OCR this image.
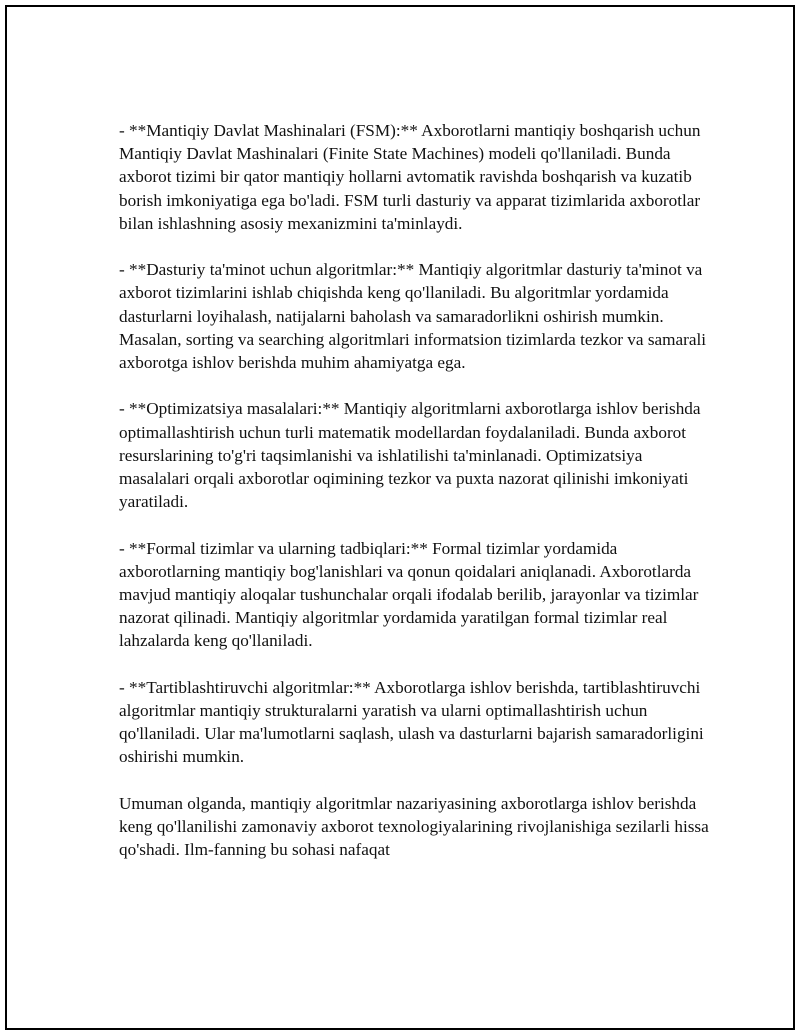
- **Mantiqiy Davlat Mashinalari (FSM):** Axborotlarni mantiqiy boshqarish uchun Mantiqiy Davlat Mashinalari (Finite State Machines) modeli qo'llaniladi. Bunda axborot tizimi bir qator mantiqiy hollarni avtomatik ravishda boshqarish va kuzatib borish imkoniyatiga ega bo'ladi. FSM turli dasturiy va apparat tizimlarida axborotlar bilan ishlashning asosiy mexanizmini ta'minlaydi.

- **Dasturiy ta'minot uchun algoritmlar:** Mantiqiy algoritmlar dasturiy ta'minot va axborot tizimlarini ishlab chiqishda keng qo'llaniladi. Bu algoritmlar yordamida dasturlarni loyihalash, natijalarni baholash va samaradorlikni oshirish mumkin. Masalan, sorting va searching algoritmlari informatsion tizimlarda tezkor va samarali axborotga ishlov berishda muhim ahamiyatga ega.

- **Optimizatsiya masalalari:** Mantiqiy algoritmlarni axborotlarga ishlov berishda optimallashtirish uchun turli matematik modellardan foydalaniladi. Bunda axborot resurslarining to'g'ri taqsimlanishi va ishlatilishi ta'minlanadi. Optimizatsiya masalalari orqali axborotlar oqimining tezkor va puxta nazorat qilinishi imkoniyati yaratiladi.

- **Formal tizimlar va ularning tadbiqlari:** Formal tizimlar yordamida axborotlarning mantiqiy bog'lanishlari va qonun qoidalari aniqlanadi. Axborotlarda mavjud mantiqiy aloqalar tushunchalar orqali ifodalab berilib, jarayonlar va tizimlar nazorat qilinadi. Mantiqiy algoritmlar yordamida yaratilgan formal tizimlar real lahzalarda keng qo'llaniladi.

- **Tartiblashtiruvchi algoritmlar:** Axborotlarga ishlov berishda, tartiblashtiruvchi algoritmlar mantiqiy strukturalarni yaratish va ularni optimallashtirish uchun qo'llaniladi. Ular ma'lumotlarni saqlash, ulash va dasturlarni bajarish samaradorligini oshirishi mumkin.

Umuman olganda, mantiqiy algoritmlar nazariyasining axborotlarga ishlov berishda keng qo'llanilishi zamonaviy axborot texnologiyalarining rivojlanishiga sezilarli hissa qo'shadi. Ilm-fanning bu sohasi nafaqat
